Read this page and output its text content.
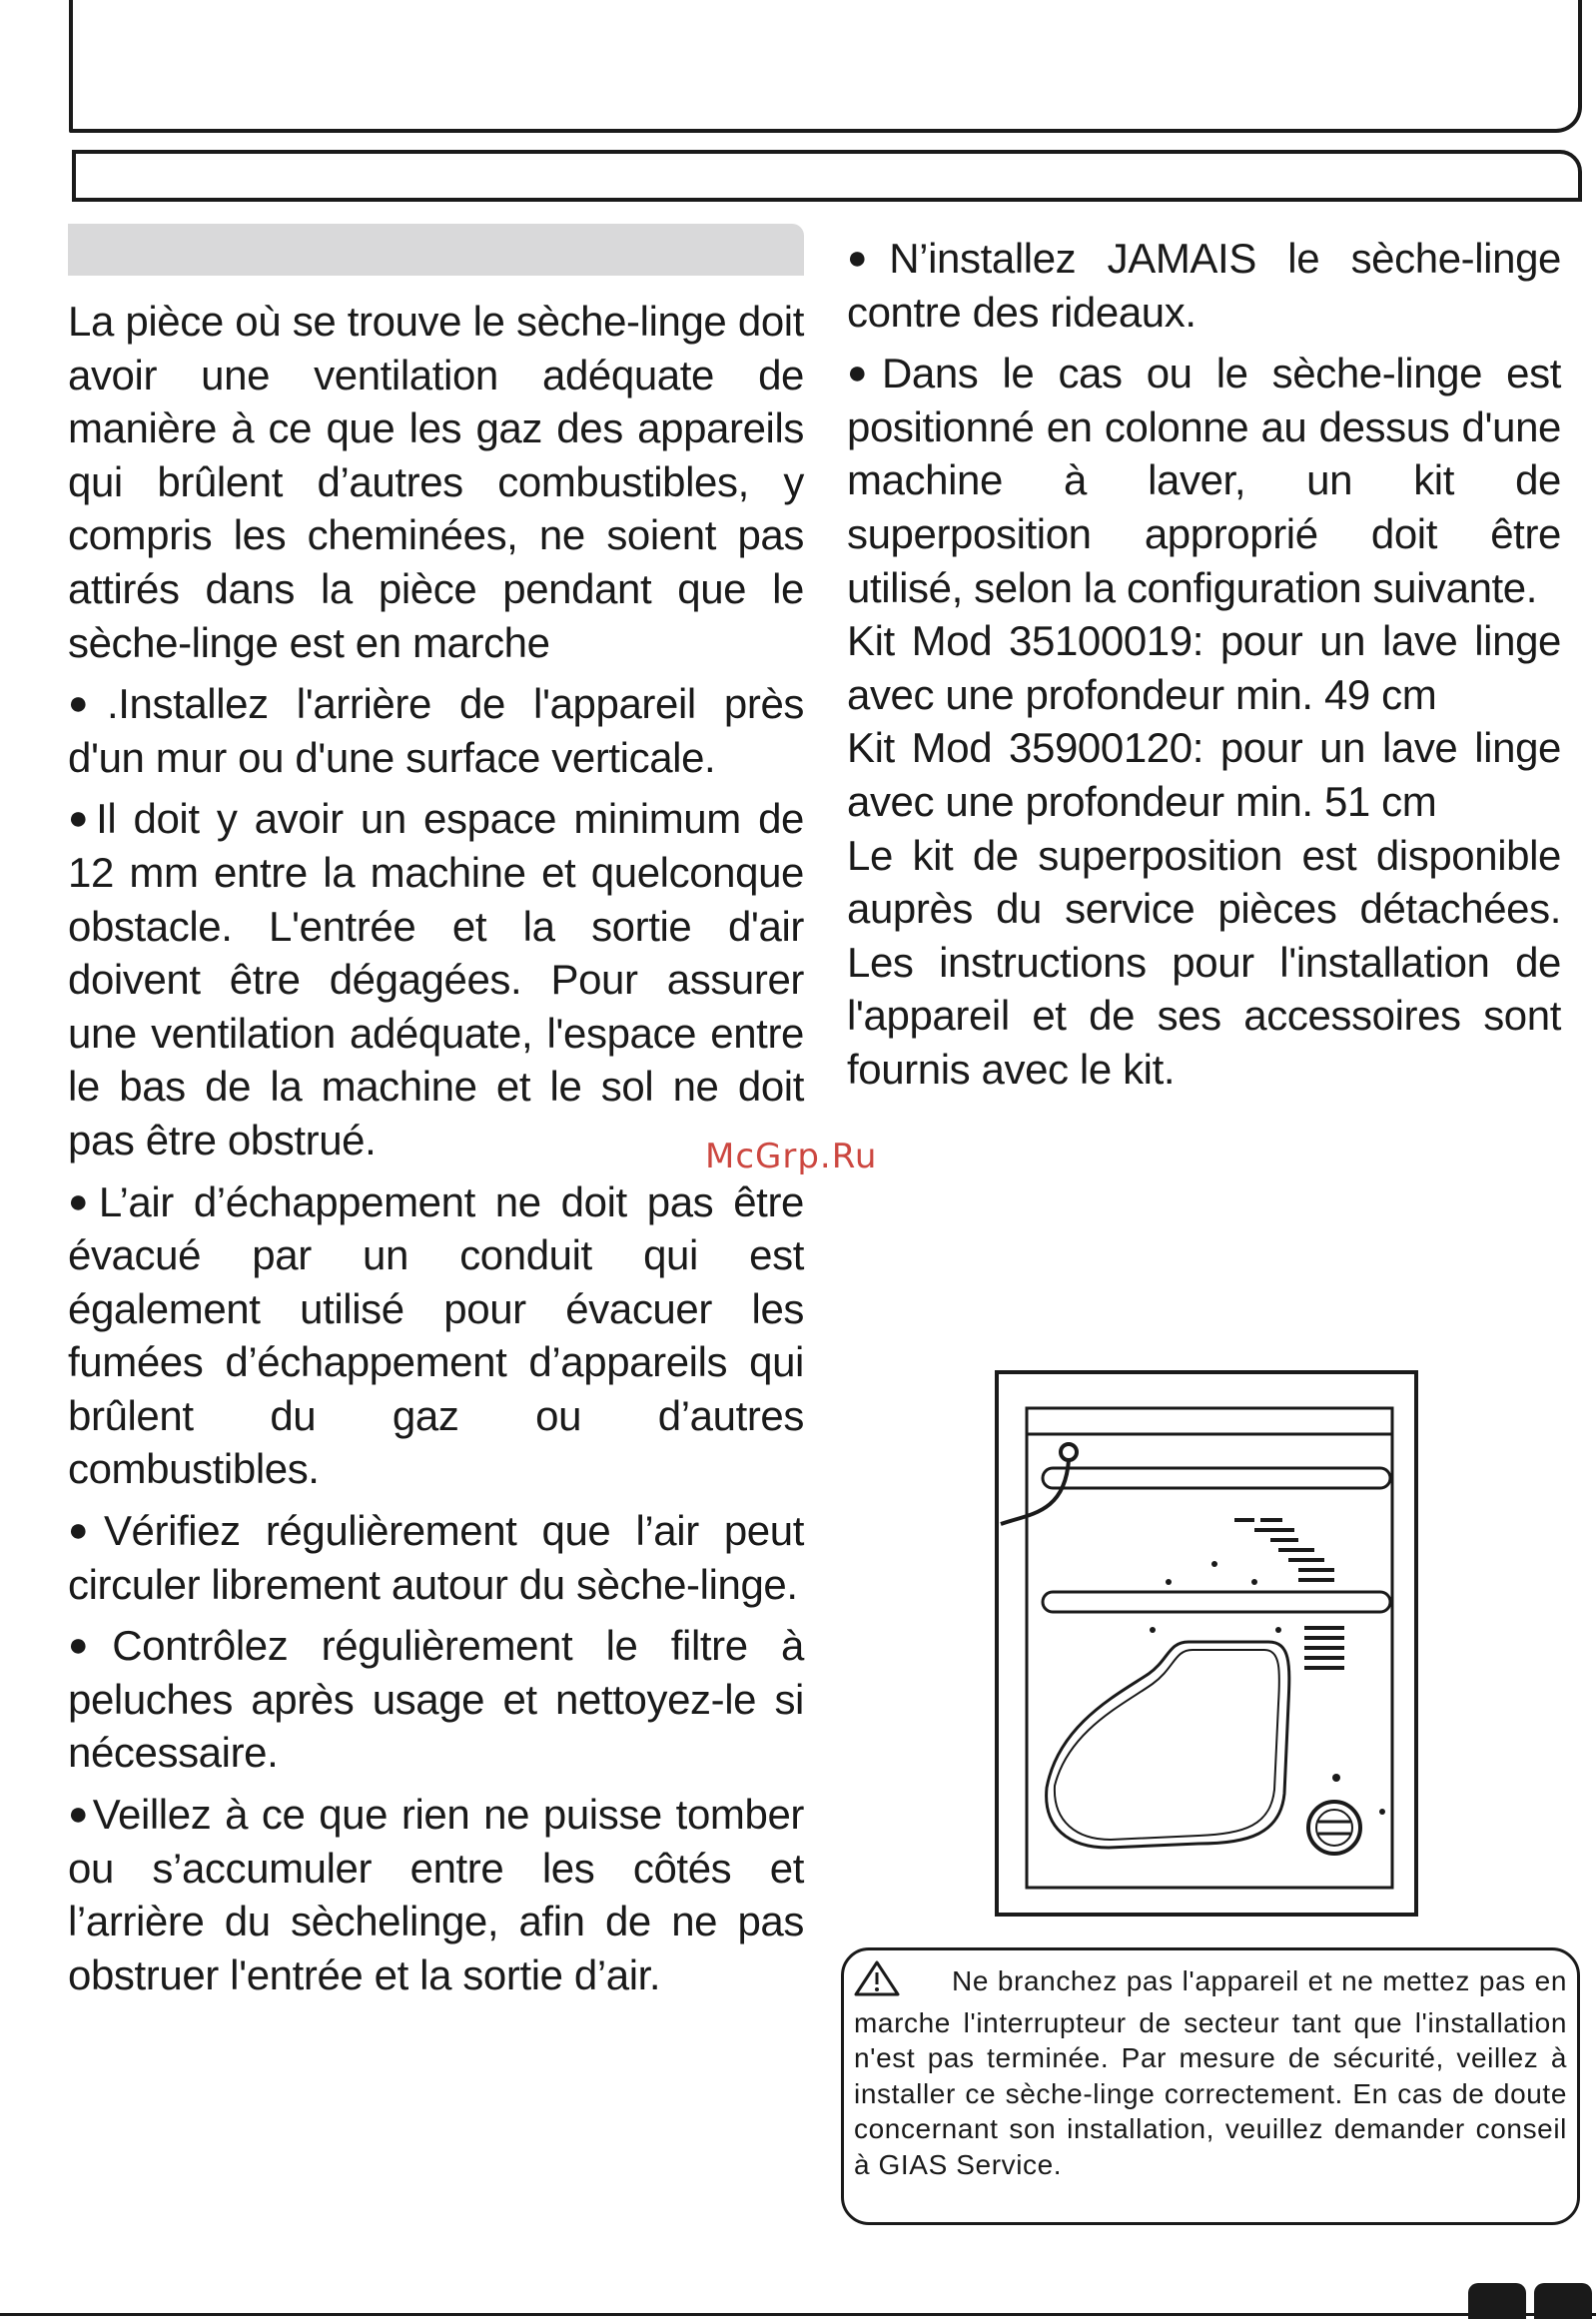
La pièce où se trouve le sèche-linge doit avoir une ventilation adéquate de manière à ce que les gaz des appareils qui brûlent d’autres combustibles, y compris les cheminées, ne soient pas attirés dans la pièce pendant que le sèche-linge est en marche

●.Installez l'arrière de l'appareil près d'un mur ou d'une surface verticale.

●Il doit y avoir un espace minimum de 12 mm entre la machine et quelconque obstacle. L'entrée et la sortie d'air doivent être dégagées. Pour assurer une ventilation adéquate, l'espace entre le bas de la machine et le sol ne doit pas être obstrué.

●L’air d’échappement ne doit pas être évacué par un conduit qui est également utilisé pour évacuer les fumées d’échappement d’appareils qui brûlent du gaz ou d’autres combustibles.

●Vérifiez régulièrement que l’air peut circuler librement autour du sèche-linge.

●Contrôlez régulièrement le filtre à peluches après usage et nettoyez-le si nécessaire.

●Veillez à ce que rien ne puisse tomber ou s’accumuler entre les côtés et l’arrière du sèchelinge, afin de ne pas obstruer l'entrée et la sortie d’air.

●N’installez JAMAIS le sèche-linge contre des rideaux.

●Dans le cas ou le sèche-linge est positionné en colonne au dessus d'une machine à laver, un kit de superposition approprié doit être utilisé, selon la configuration suivante.

Kit Mod 35100019: pour un lave linge avec une profondeur min. 49 cm

Kit Mod 35900120: pour un lave linge avec une profondeur min. 51 cm

Le kit de superposition est disponible auprès du service pièces détachées. Les instructions pour l'installation de l'appareil et de ses accessoires sont fournis avec le kit.

McGrp.Ru
Ne branchez pas l'appareil et ne mettez pas en marche l'interrupteur de secteur tant que l'installation n'est pas terminée. Par mesure de sécurité, veillez à installer ce sèche-linge correctement. En cas de doute concernant son installation, veuillez demander conseil à GIAS Service.
